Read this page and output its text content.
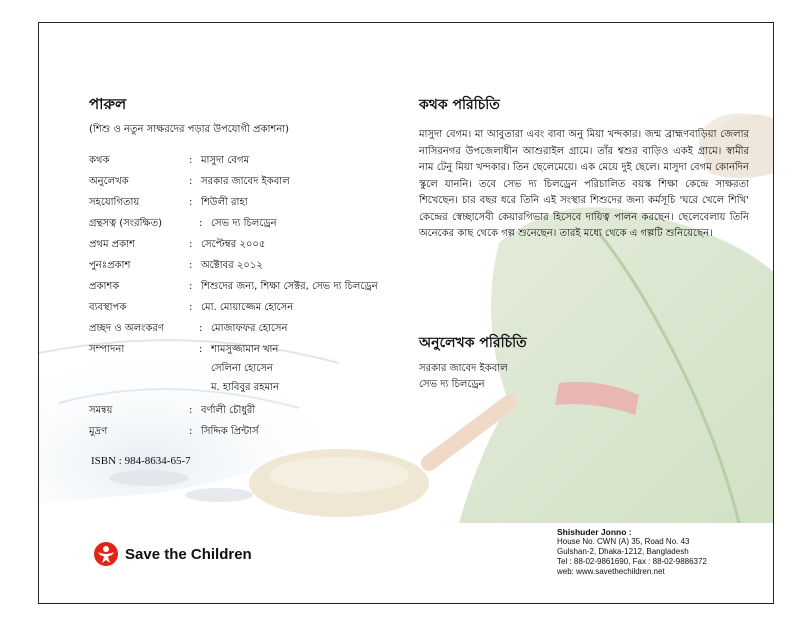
পারুল

(শিশু ও নতুন সাক্ষরদের পড়ার উপযোগী প্রকাশনা)
কথক	: মাসুদা বেগম
অনুলেখক	: সরকার জাবেদ ইকবাল
সহযোগিতায়	: শিউলী রাহা
গ্রন্থসত্ব (সংরক্ষিত)	: সেভ দ্য চিলড্রেন
প্রথম প্রকাশ	: সেপ্টেম্বর ২০০৫
পুনঃপ্রকাশ	: অক্টোবর ২০১২
প্রকাশক	: শিশুদের জন্য, শিক্ষা সেক্টর, সেভ দ্য চিলড্রেন
ব্যবস্থাপক	: মো. মোয়াজ্জেম হোসেন
প্রচ্ছদ ও অলংকরণ	: মোজাফফর হোসেন
সম্পাদনা	: শামসুজ্জামান খান
সেলিনা হোসেন
ম. হাবিবুর রহমান
সমন্বয়	: বর্ণালী চৌধুরী
মুদ্রণ	: সিদ্দিক প্রিন্টার্স
ISBN : 984-8634-65-7

কথক পরিচিতি

মাসুদা বেগম। মা আবুতারা এবং বাবা অনু মিয়া খন্দকার। জন্ম ব্রাহ্মণবাড়িয়া জেলার নাসিরনগর উপজেলাধীন আশুরাইল গ্রামে। তাঁর শ্বশুর বাড়িও একই গ্রামে। স্বামীর নাম টেনু মিয়া খন্দকার। তিন ছেলেমেয়ে। এক মেয়ে দুই ছেলে। মাসুদা বেগম কোনদিন স্কুলে যাননি। তবে সেভ দ্য চিলড্রেন পরিচালিত বয়স্ক শিক্ষা কেন্দ্রে সাক্ষরতা শিখেছেন। চার বছর ধরে তিনি এই সংস্থার শিশুদের জন্য কর্মসূচি 'ঘরে খেলে শিখি' কেন্দ্রের স্বেচ্ছাসেবী কেয়ারগিভার হিসেবে দায়িত্ব পালন করছেন। ছেলেবেলায় তিনি অনেকের কাছ থেকে গল্প শুনেছেন। তারই মধ্যে থেকে এ গল্পটি শুনিয়েছেন।

অনুলেখক পরিচিতি

সরকার জাবেদ ইকবাল
সেভ দ্য চিলড্রেন
Save the Children
Shishuder Jonno :
House No. CWN (A) 35, Road No. 43
Gulshan-2, Dhaka-1212, Bangladesh
Tel : 88-02-9861690, Fax : 88-02-9886372
web: www.savethechildren.net
